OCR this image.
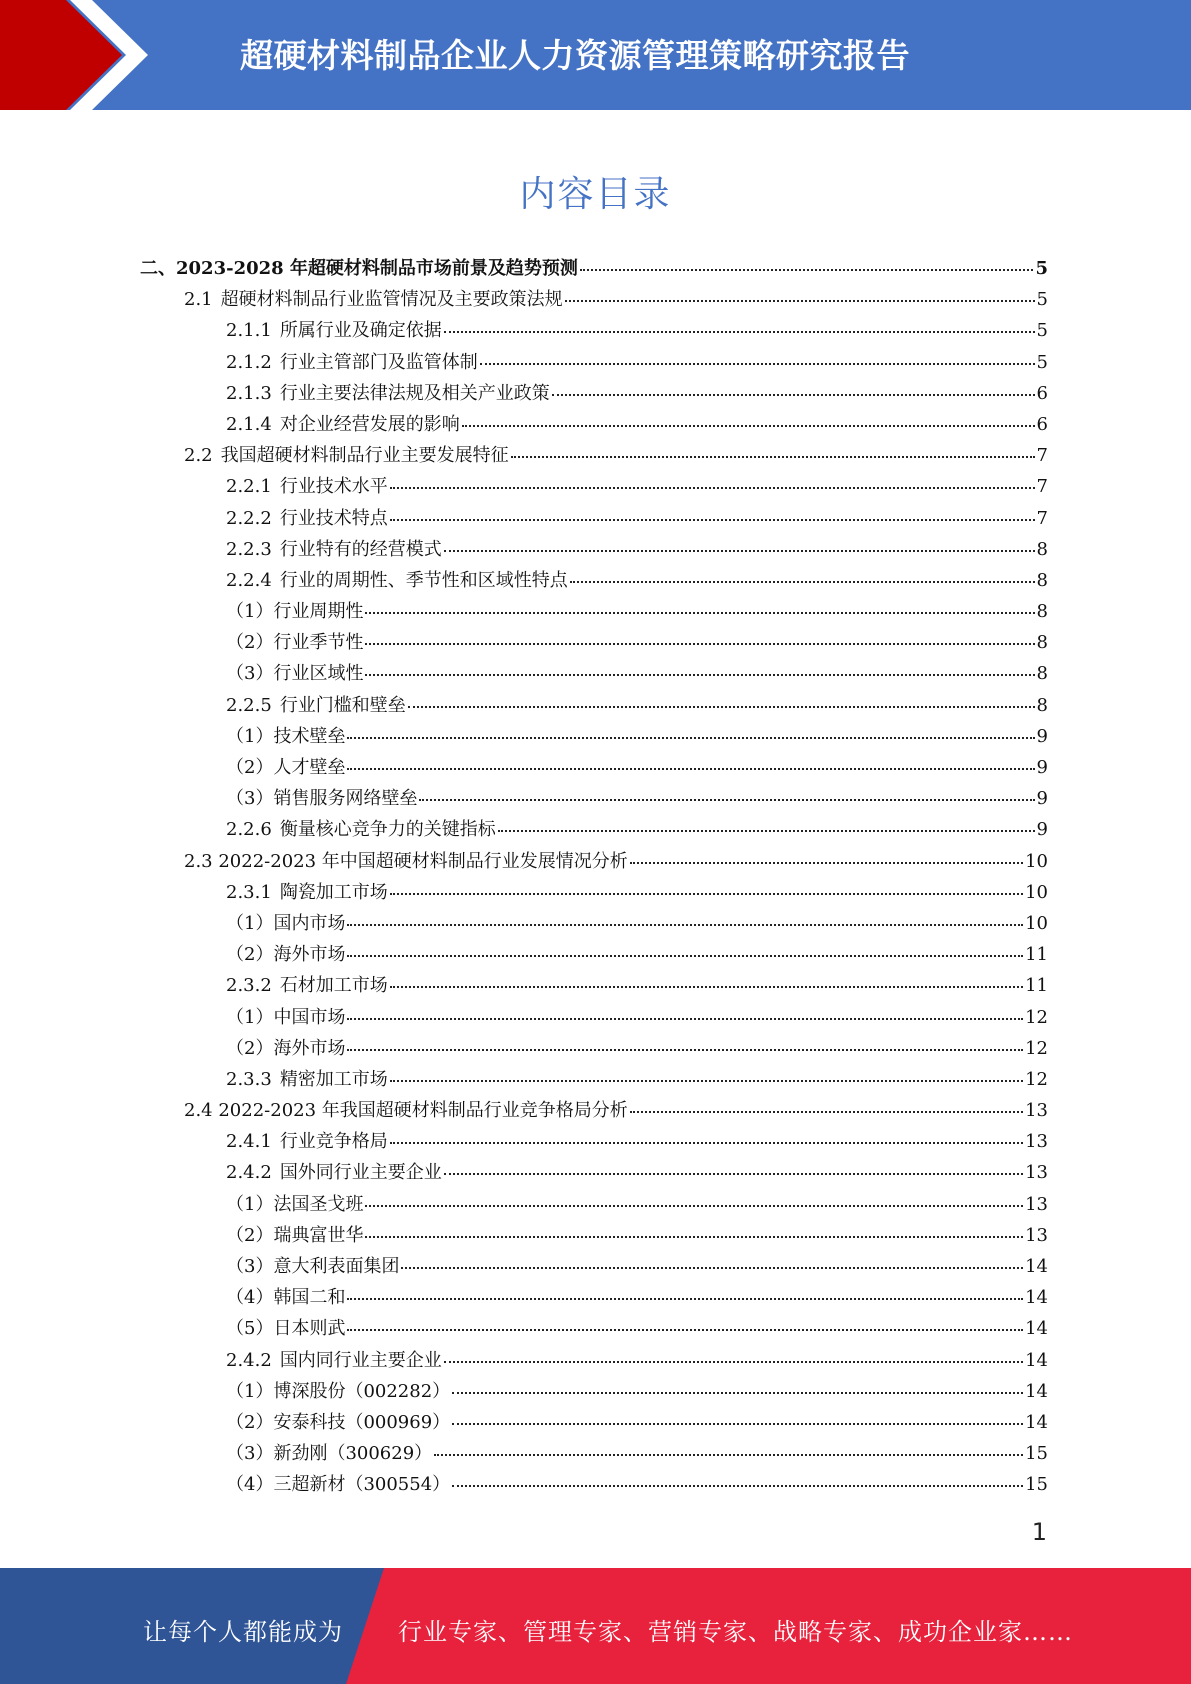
超硬材料制品企业人力资源管理策略研究报告
内容目录
二、2023-2028 年超硬材料制品市场前景及趋势预测	5
2.1 超硬材料制品行业监管情况及主要政策法规	5
2.1.1 所属行业及确定依据	5
2.1.2 行业主管部门及监管体制	5
2.1.3 行业主要法律法规及相关产业政策	6
2.1.4 对企业经营发展的影响	6
2.2 我国超硬材料制品行业主要发展特征	7
2.2.1 行业技术水平	7
2.2.2 行业技术特点	7
2.2.3 行业特有的经营模式	8
2.2.4 行业的周期性、季节性和区域性特点	8
（1）行业周期性	8
（2）行业季节性	8
（3）行业区域性	8
2.2.5 行业门槛和壁垒	8
（1）技术壁垒	9
（2）人才壁垒	9
（3）销售服务网络壁垒	9
2.2.6 衡量核心竞争力的关键指标	9
2.3 2022-2023 年中国超硬材料制品行业发展情况分析	10
2.3.1 陶瓷加工市场	10
（1）国内市场	10
（2）海外市场	11
2.3.2 石材加工市场	11
（1）中国市场	12
（2）海外市场	12
2.3.3 精密加工市场	12
2.4 2022-2023 年我国超硬材料制品行业竞争格局分析	13
2.4.1 行业竞争格局	13
2.4.2 国外同行业主要企业	13
（1）法国圣戈班	13
（2）瑞典富世华	13
（3）意大利表面集团	14
（4）韩国二和	14
（5）日本则武	14
2.4.2 国内同行业主要企业	14
（1）博深股份（002282）	14
（2）安泰科技（000969）	14
（3）新劲刚（300629）	15
（4）三超新材（300554）	15
1
让每个人都能成为 行业专家、管理专家、营销专家、战略专家、成功企业家……
